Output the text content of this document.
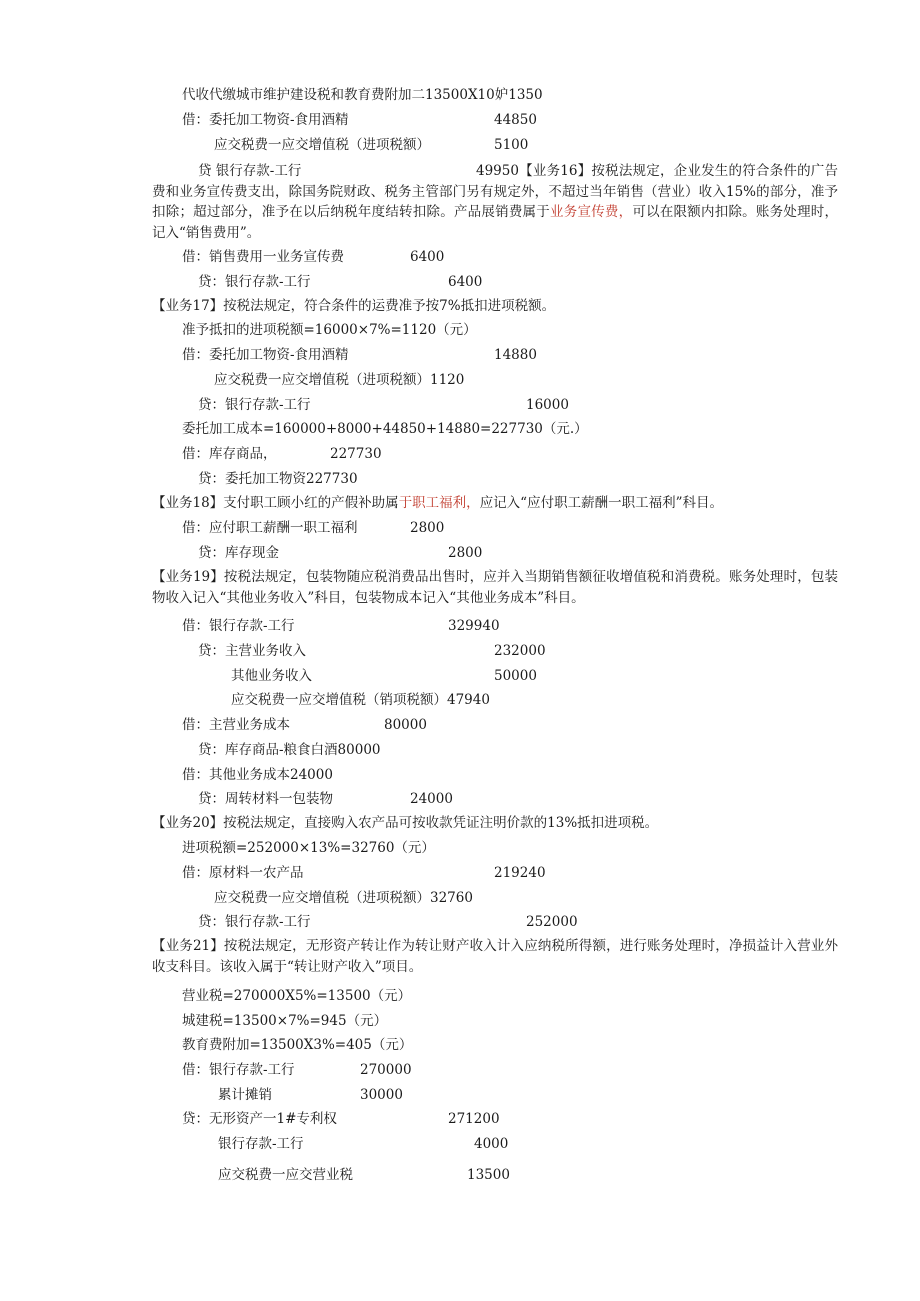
代收代缴城市维护建设税和教育费附加二13500X10妒1350
借：委托加工物资-食用酒精	44850
应交税费一应交增值税（进项税额）	5100
贷 银行存款-工行	49950【业务16】按税法规定，企业发生的符合条件的广告费和业务宣传费支出，除国务院财政、税务主管部门另有规定外，不超过当年销售（营业）收入15%的部分，准予扣除；超过部分，准予在以后纳税年度结转扣除。产品展销费属于业务宣传费，可以在限额内扣除。账务处理时，记入“销售费用”。
借：销售费用一业务宣传费	6400
贷：银行存款-工行	6400
【业务17】按税法规定，符合条件的运费准予按7%抵扣进项税额。
准予抵扣的进项税额=16000×7%=1120（元）
借：委托加工物资-食用酒精	14880
应交税费一应交增值税（进项税额）1120
贷：银行存款-工行	16000
委托加工成本=160000+8000+44850+14880=227730（元.）
借：库存商品，	227730
贷：委托加工物资227730
【业务18】支付职工顾小红的产假补助属于职工福利，应记入“应付职工薪酬一职工福利”科目。
借：应付职工薪酬一职工福利	2800
贷：库存现金	2800
【业务19】按税法规定，包装物随应税消费品出售时，应并入当期销售额征收增值税和消费税。账务处理时，包装物收入记入“其他业务收入”科目，包装物成本记入“其他业务成本”科目。
借：银行存款-工行	329940
贷：主营业务收入	232000
其他业务收入	50000
应交税费一应交增值税（销项税额）47940
借：主营业务成本	80000
贷：库存商品-粮食白酒80000
借：其他业务成本24000
贷：周转材料一包装物	24000
【业务20】按税法规定，直接购入农产品可按收款凭证注明价款的13%抵扣进项税。
进项税额=252000×13%=32760（元）
借：原材料一农产品	219240
应交税费一应交增值税（进项税额）32760
贷：银行存款-工行	252000
【业务21】按税法规定，无形资产转让作为转让财产收入计入应纳税所得额，进行账务处理时，净损益计入营业外收支科目。该收入属于“转让财产收入”项目。
营业税=270000X5%=13500（元）
城建税=13500×7%=945（元）
教育费附加=13500X3%=405（元）
借：银行存款-工行	270000
累计摊销	30000
贷：无形资产一1#专利权	271200
银行存款-工行	4000
应交税费一应交营业税	13500
